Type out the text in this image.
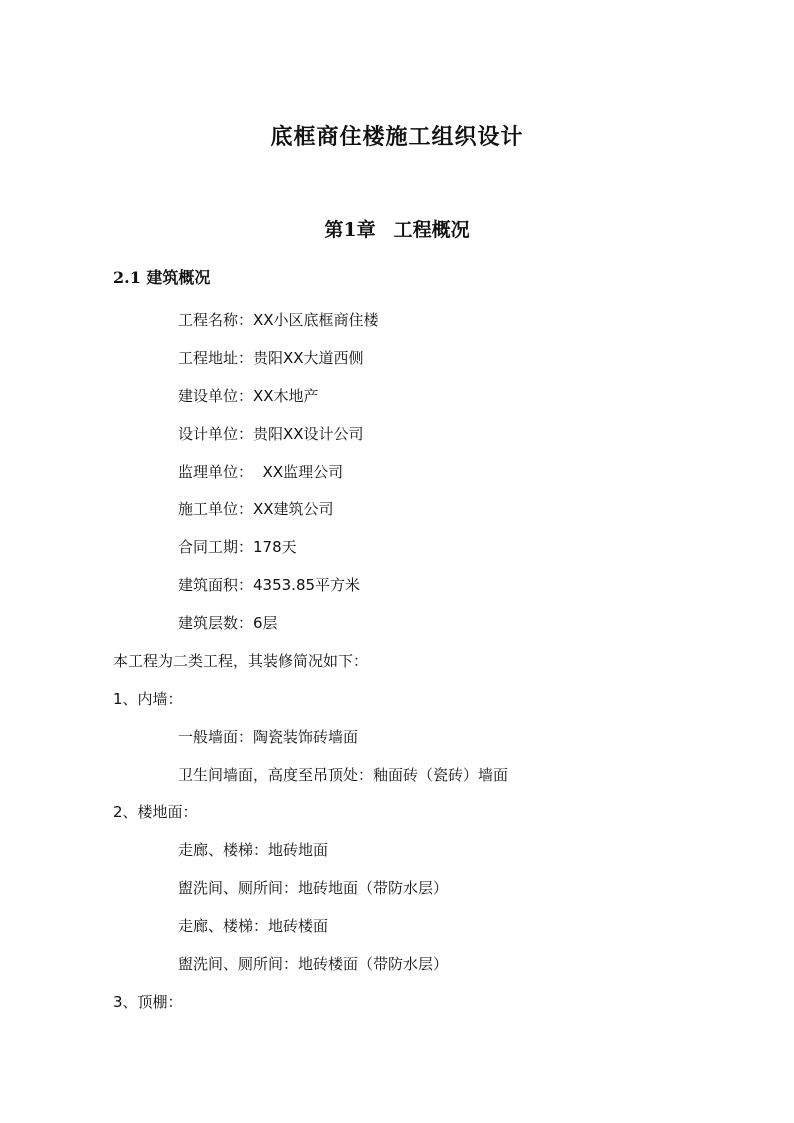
底框商住楼施工组织设计
第1章 工程概况
2.1 建筑概况
工程名称：XX小区底框商住楼
工程地址：贵阳XX大道西侧
建设单位：XX木地产
设计单位：贵阳XX设计公司
监理单位：  XX监理公司
施工单位：XX建筑公司
合同工期：178天
建筑面积：4353.85平方米
建筑层数：6层
本工程为二类工程，其装修简况如下：
1、内墙：
一般墙面：陶瓷装饰砖墙面
卫生间墙面，高度至吊顶处：釉面砖（瓷砖）墙面
2、楼地面：
走廊、楼梯：地砖地面
盥洗间、厕所间：地砖地面（带防水层）
走廊、楼梯：地砖楼面
盥洗间、厕所间：地砖楼面（带防水层）
3、顶棚：
